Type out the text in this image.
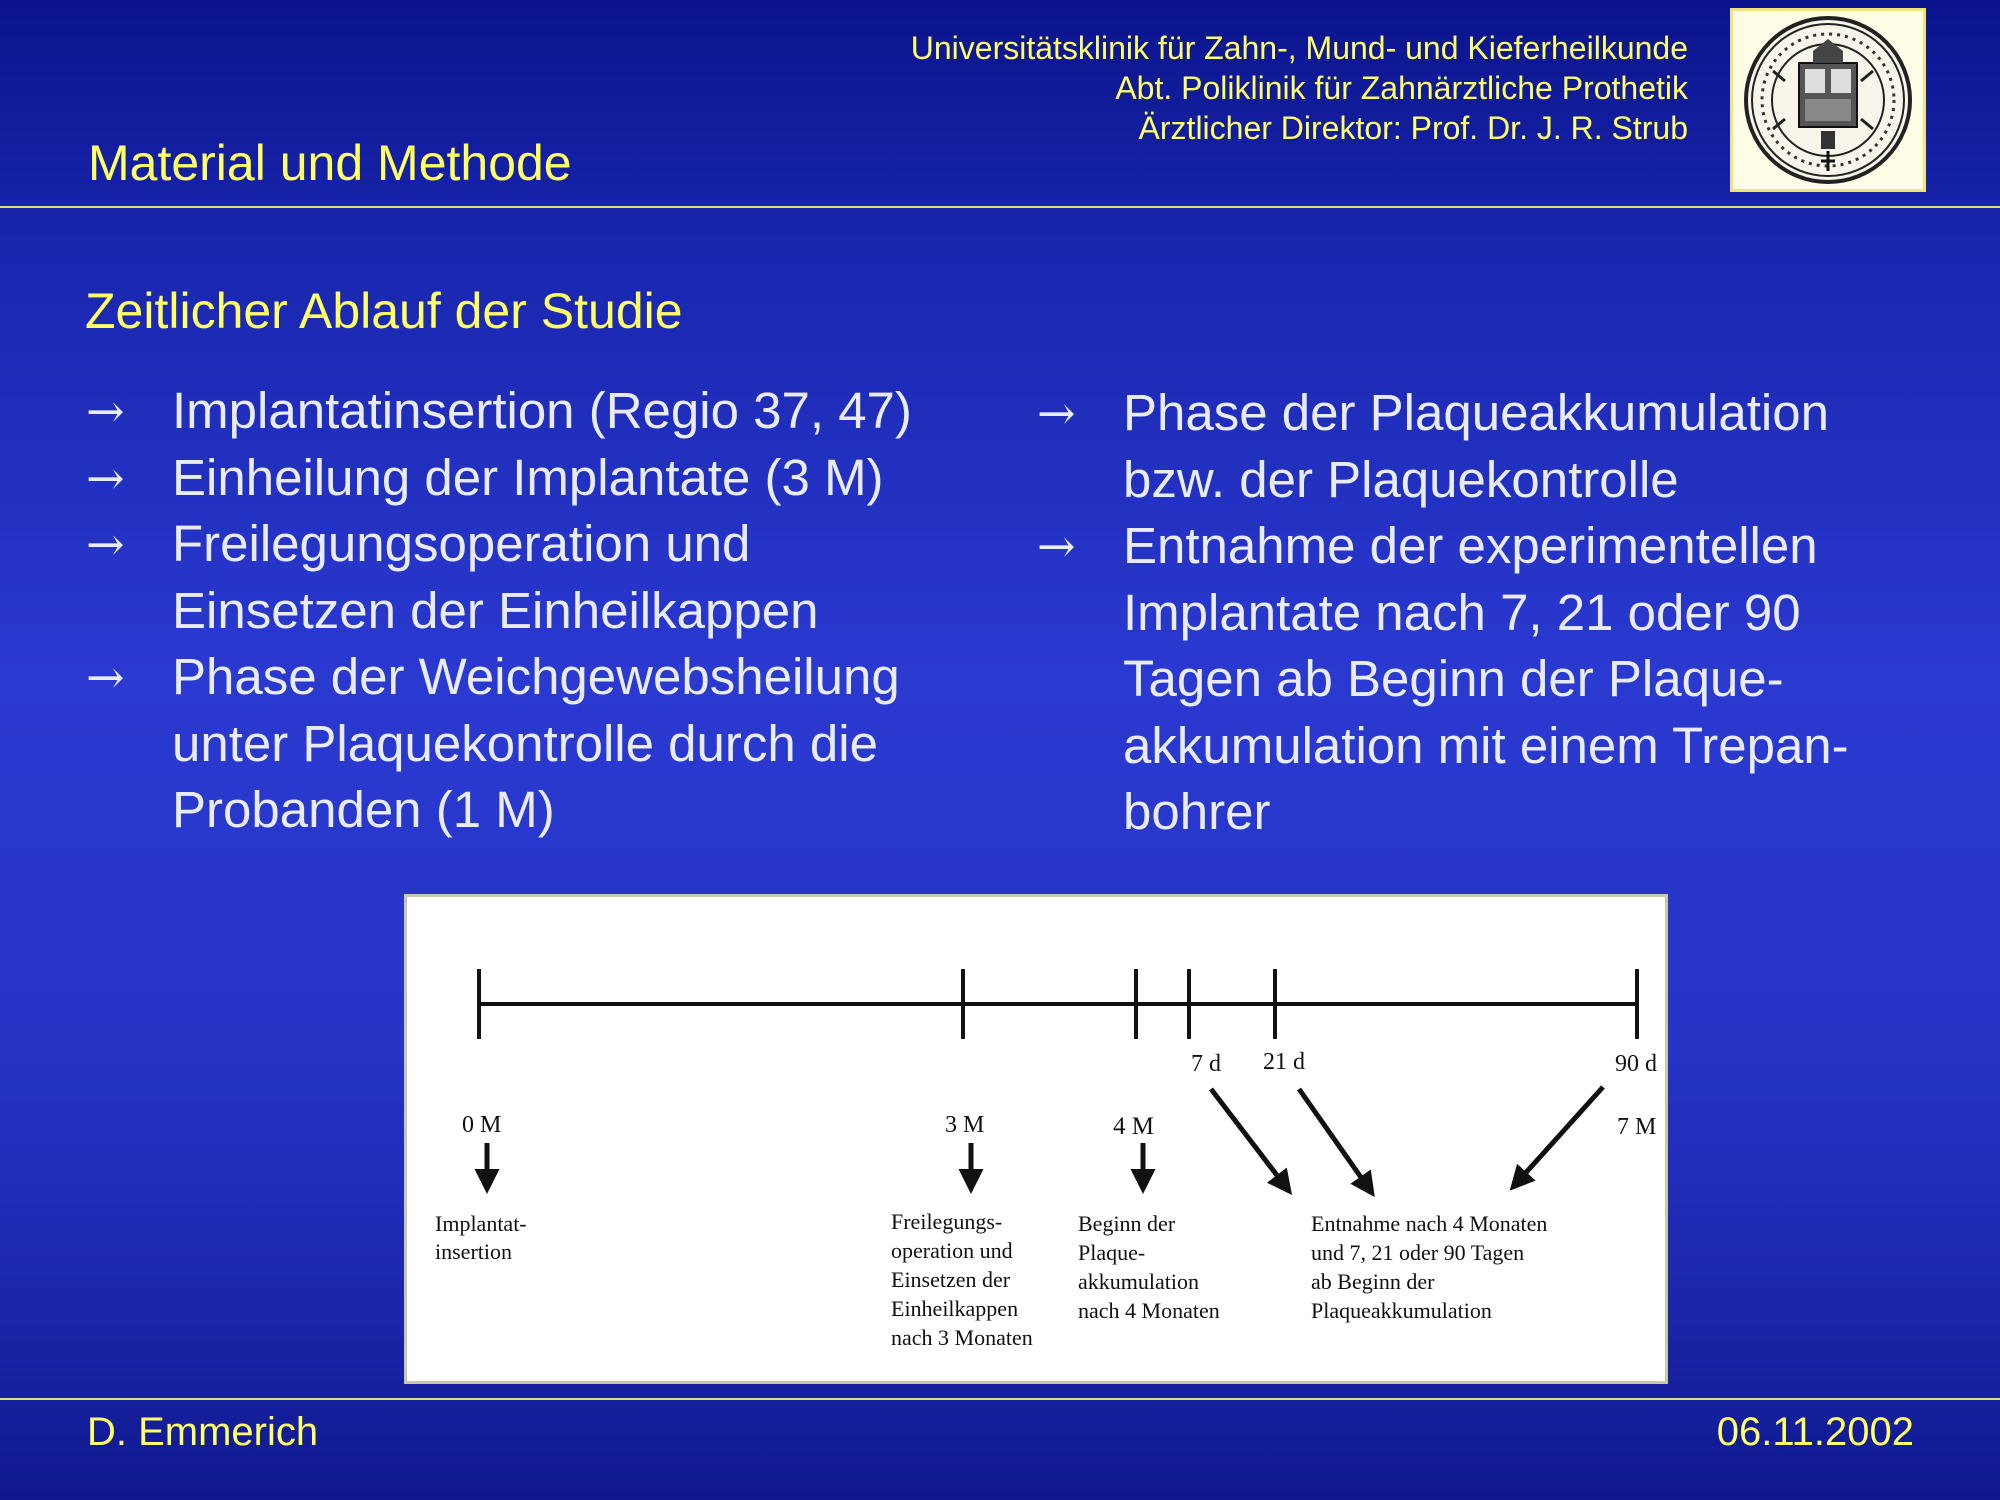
Universitätsklinik für Zahn-, Mund- und Kieferheilkunde
Abt. Poliklinik für Zahnärztliche Prothetik
Ärztlicher Direktor: Prof. Dr. J. R. Strub
Material und Methode
Zeitlicher Ablauf der Studie
→ Implantatinsertion (Regio 37, 47)
→ Einheilung der Implantate (3 M)
→ Freilegungsoperation und
Einsetzen der Einheilkappen
→ Phase der Weichgewebsheilung
unter Plaquekontrolle durch die
Probanden (1 M)
→ Phase der Plaqueakkumulation
bzw. der Plaquekontrolle
→ Entnahme der experimentellen
Implantate nach 7, 21 oder 90
Tagen ab Beginn der Plaque-
akkumulation mit einem Trepan-
bohrer
7 d 21 d	90 d
0 M	3 M	4 M	7 M
Implantat-
insertion
Freilegungs-
operation und
Einsetzen der
Einheilkappen
nach 3 Monaten
Beginn der
Plaque-
akkumulation
nach 4 Monaten
Entnahme nach 4 Monaten
und 7, 21 oder 90 Tagen
ab Beginn der
Plaqueakkumulation
D. Emmerich	06.11.2002
